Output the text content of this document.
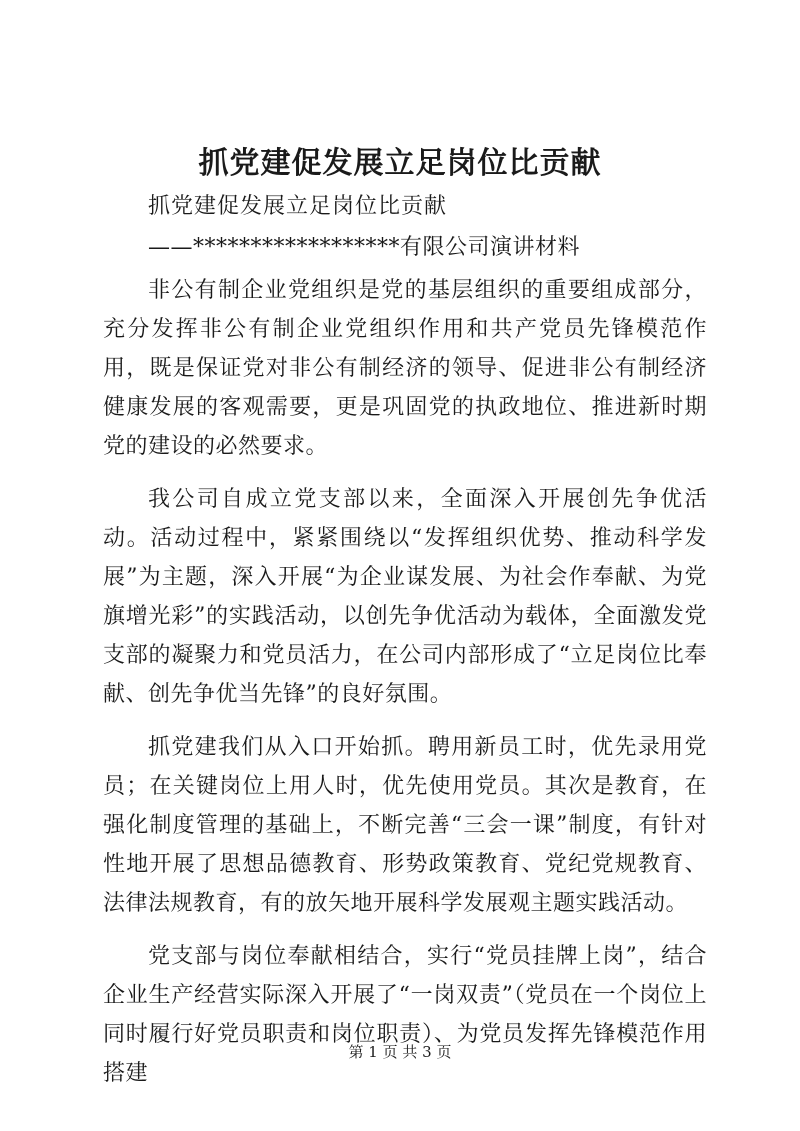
抓党建促发展立足岗位比贡献
抓党建促发展立足岗位比贡献
——******************有限公司演讲材料

非公有制企业党组织是党的基层组织的重要组成部分，充分发挥非公有制企业党组织作用和共产党员先锋模范作用，既是保证党对非公有制经济的领导、促进非公有制经济健康发展的客观需要，更是巩固党的执政地位、推进新时期党的建设的必然要求。

我公司自成立党支部以来，全面深入开展创先争优活动。活动过程中，紧紧围绕以“发挥组织优势、推动科学发展”为主题，深入开展“为企业谋发展、为社会作奉献、为党旗增光彩”的实践活动，以创先争优活动为载体，全面激发党支部的凝聚力和党员活力，在公司内部形成了“立足岗位比奉献、创先争优当先锋”的良好氛围。

抓党建我们从入口开始抓。聘用新员工时，优先录用党员；在关键岗位上用人时，优先使用党员。其次是教育，在强化制度管理的基础上，不断完善“三会一课”制度，有针对性地开展了思想品德教育、形势政策教育、党纪党规教育、法律法规教育，有的放矢地开展科学发展观主题实践活动。

党支部与岗位奉献相结合，实行“党员挂牌上岗”，结合企业生产经营实际深入开展了“一岗双责”（党员在一个岗位上同时履行好党员职责和岗位职责）、为党员发挥先锋模范作用搭建

第 1 页 共 3 页
